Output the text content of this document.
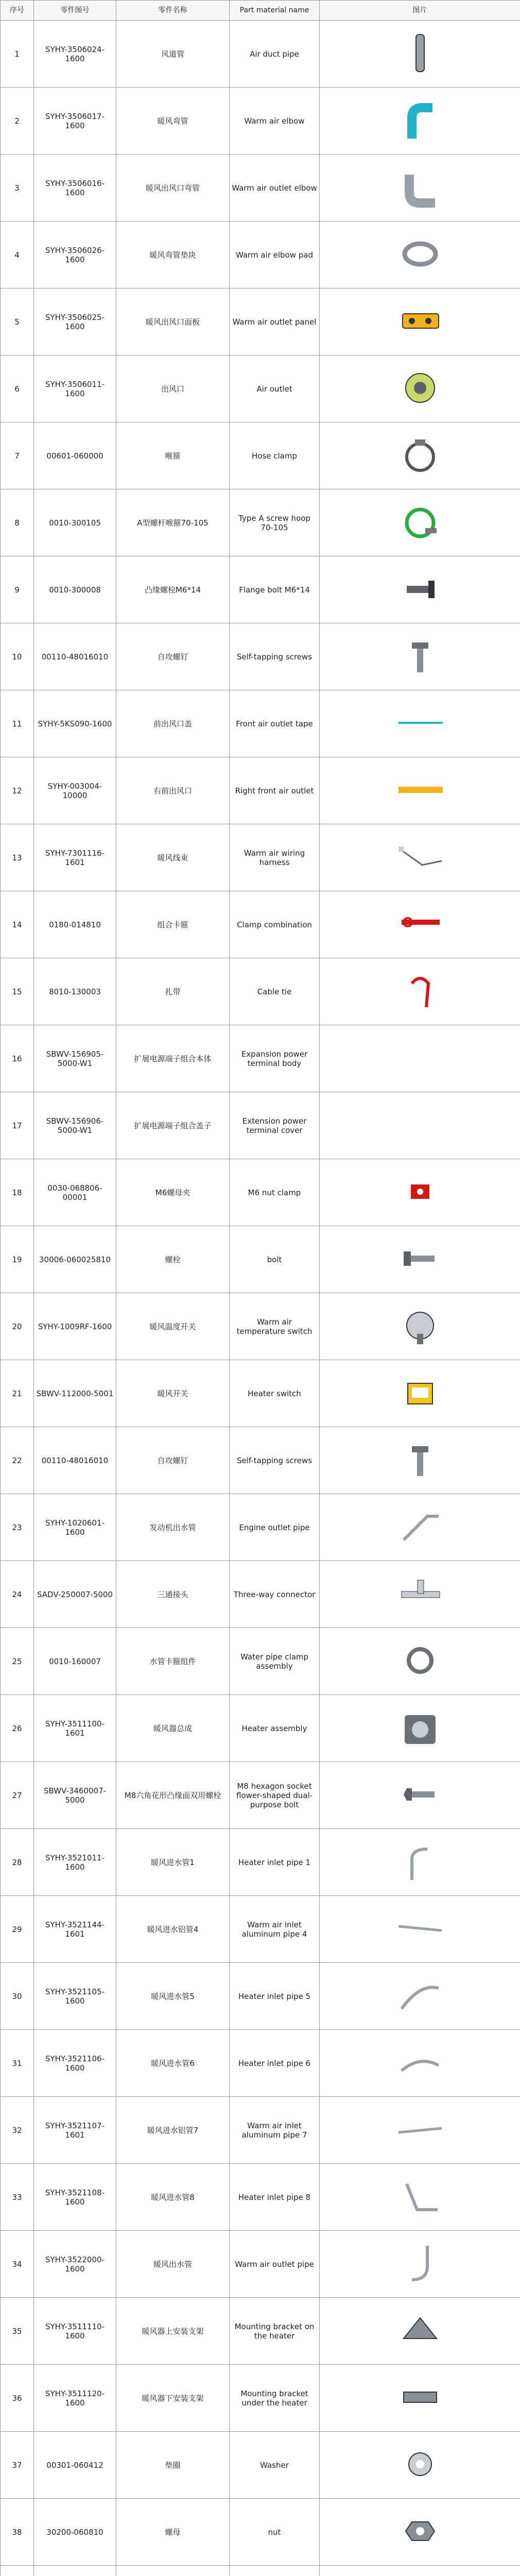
序号	零件图号	零件名称	Part material name	图片
1	SYHY-3506024-1600	风道管	Air duct pipe	
2	SYHY-3506017-1600	暖风弯管	Warm air elbow	
3	SYHY-3506016-1600	暖风出风口弯管	Warm air outlet elbow	
4	SYHY-3506026-1600	暖风弯管垫块	Warm air elbow pad	
5	SYHY-3506025-1600	暖风出风口面板	Warm air outlet panel	
6	SYHY-3506011-1600	出风口	Air outlet	
7	00601-060000	喉箍	Hose clamp	
8	0010-300105	A型螺杆喉箍70-105	Type A screw hoop 70-105	
9	0010-300008	凸缘螺栓M6*14	Flange bolt M6*14	
10	00110-48016010	自攻螺钉	Self-tapping screws	
11	SYHY-5KS090-1600	前出风口盖	Front air outlet tape	
12	SYHY-003004-10000	右前出风口	Right front air outlet	
13	SYHY-7301116-1601	暖风线束	Warm air wiring harness	
14	0180-014810	组合卡箍	Clamp combination	
15	8010-130003	扎带	Cable tie	
16	SBWV-156905-5000-W1	扩展电源端子组合本体	Expansion power terminal body	
17	SBWV-156906-5000-W1	扩展电源端子组合盖子	Extension power terminal cover	
18	0030-068806-00001	M6螺母夹	M6 nut clamp	
19	30006-060025810	螺栓	bolt	
20	SYHY-1009RF-1600	暖风温度开关	Warm air temperature switch	
21	SBWV-112000-5001	暖风开关	Heater switch	
22	00110-48016010	自攻螺钉	Self-tapping screws	
23	SYHY-1020601-1600	发动机出水管	Engine outlet pipe	
24	SADV-250007-5000	三通接头	Three-way connector	
25	0010-160007	水管卡箍组件	Water pipe clamp assembly	
26	SYHY-3511100-1601	暖风器总成	Heater assembly	
27	SBWV-3460007-5000	M8六角花形凸缘面双用螺栓	M8 hexagon socket flower-shaped dual-purpose bolt	
28	SYHY-3521011-1600	暖风进水管1	Heater inlet pipe 1	
29	SYHY-3521144-1601	暖风进水铝管4	Warm air inlet aluminum pipe 4	
30	SYHY-3521105-1600	暖风进水管5	Heater inlet pipe 5	
31	SYHY-3521106-1600	暖风进水管6	Heater inlet pipe 6	
32	SYHY-3521107-1601	暖风进水铝管7	Warm air inlet aluminum pipe 7	
33	SYHY-3521108-1600	暖风进水管8	Heater inlet pipe 8	
34	SYHY-3522000-1600	暖风出水管	Warm air outlet pipe	
35	SYHY-3511110-1600	暖风器上安装支架	Mounting bracket on the heater	
36	SYHY-3511120-1600	暖风器下安装支架	Mounting bracket under the heater	
37	00301-060412	垫圈	Washer	
38	30200-060810	螺母	nut	
